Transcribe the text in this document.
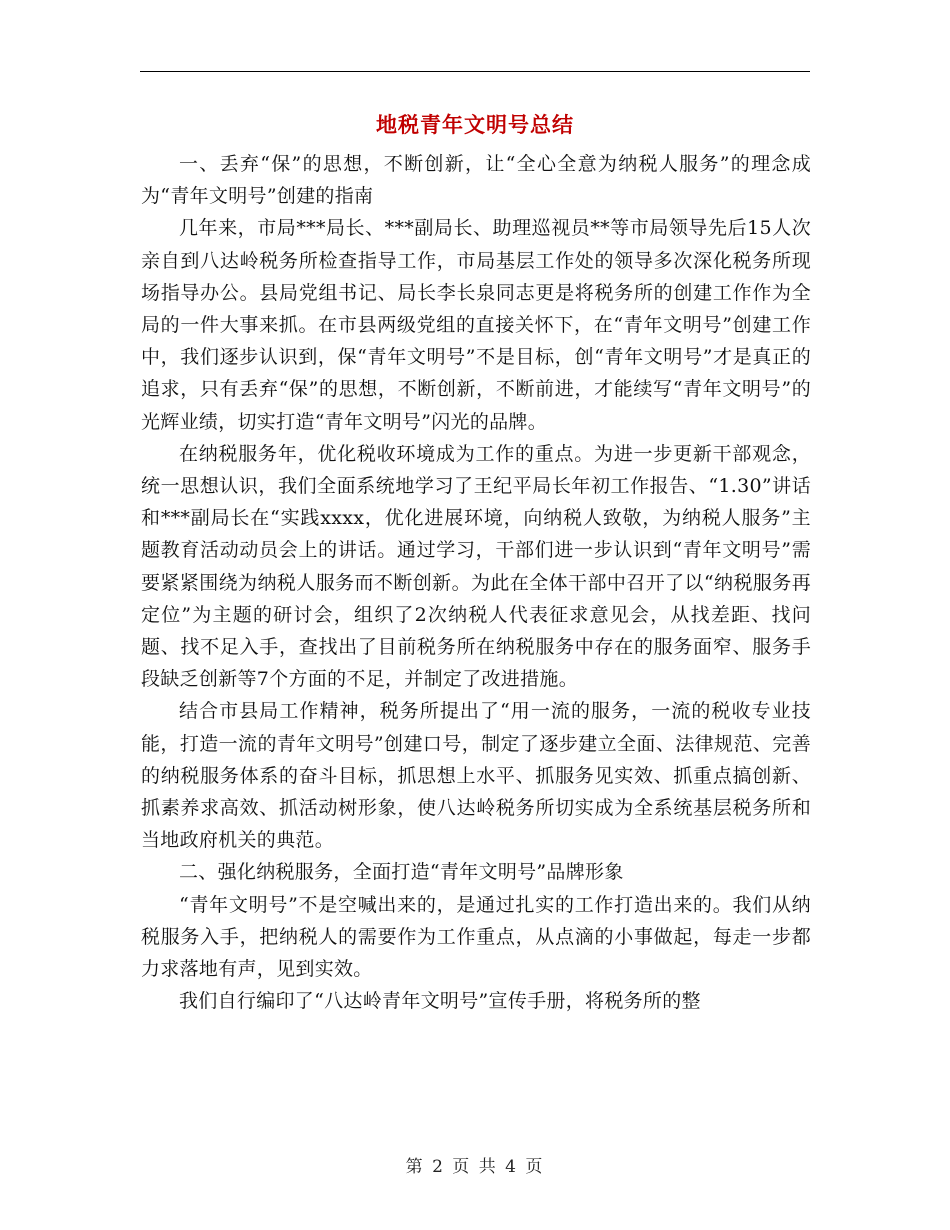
地税青年文明号总结

一、丢弃“保”的思想，不断创新，让“全心全意为纳税人服务”的理念成为“青年文明号”创建的指南

几年来，市局***局长、***副局长、助理巡视员**等市局领导先后15人次亲自到八达岭税务所检查指导工作，市局基层工作处的领导多次深化税务所现场指导办公。县局党组书记、局长李长泉同志更是将税务所的创建工作作为全局的一件大事来抓。在市县两级党组的直接关怀下，在“青年文明号”创建工作中，我们逐步认识到，保“青年文明号”不是目标，创“青年文明号”才是真正的追求，只有丢弃“保”的思想，不断创新，不断前进，才能续写“青年文明号”的光辉业绩，切实打造“青年文明号”闪光的品牌。

在纳税服务年，优化税收环境成为工作的重点。为进一步更新干部观念，统一思想认识，我们全面系统地学习了王纪平局长年初工作报告、“1.30”讲话和***副局长在“实践xxxx，优化进展环境，向纳税人致敬，为纳税人服务”主题教育活动动员会上的讲话。通过学习，干部们进一步认识到“青年文明号”需要紧紧围绕为纳税人服务而不断创新。为此在全体干部中召开了以“纳税服务再定位”为主题的研讨会，组织了2次纳税人代表征求意见会，从找差距、找问题、找不足入手，查找出了目前税务所在纳税服务中存在的服务面窄、服务手段缺乏创新等7个方面的不足，并制定了改进措施。

结合市县局工作精神，税务所提出了“用一流的服务，一流的税收专业技能，打造一流的青年文明号”创建口号，制定了逐步建立全面、法律规范、完善的纳税服务体系的奋斗目标，抓思想上水平、抓服务见实效、抓重点搞创新、抓素养求高效、抓活动树形象，使八达岭税务所切实成为全系统基层税务所和当地政府机关的典范。

二、强化纳税服务，全面打造“青年文明号”品牌形象

“青年文明号”不是空喊出来的，是通过扎实的工作打造出来的。我们从纳税服务入手，把纳税人的需要作为工作重点，从点滴的小事做起，每走一步都力求落地有声，见到实效。

我们自行编印了“八达岭青年文明号”宣传手册，将税务所的整

第 2 页 共 4 页
